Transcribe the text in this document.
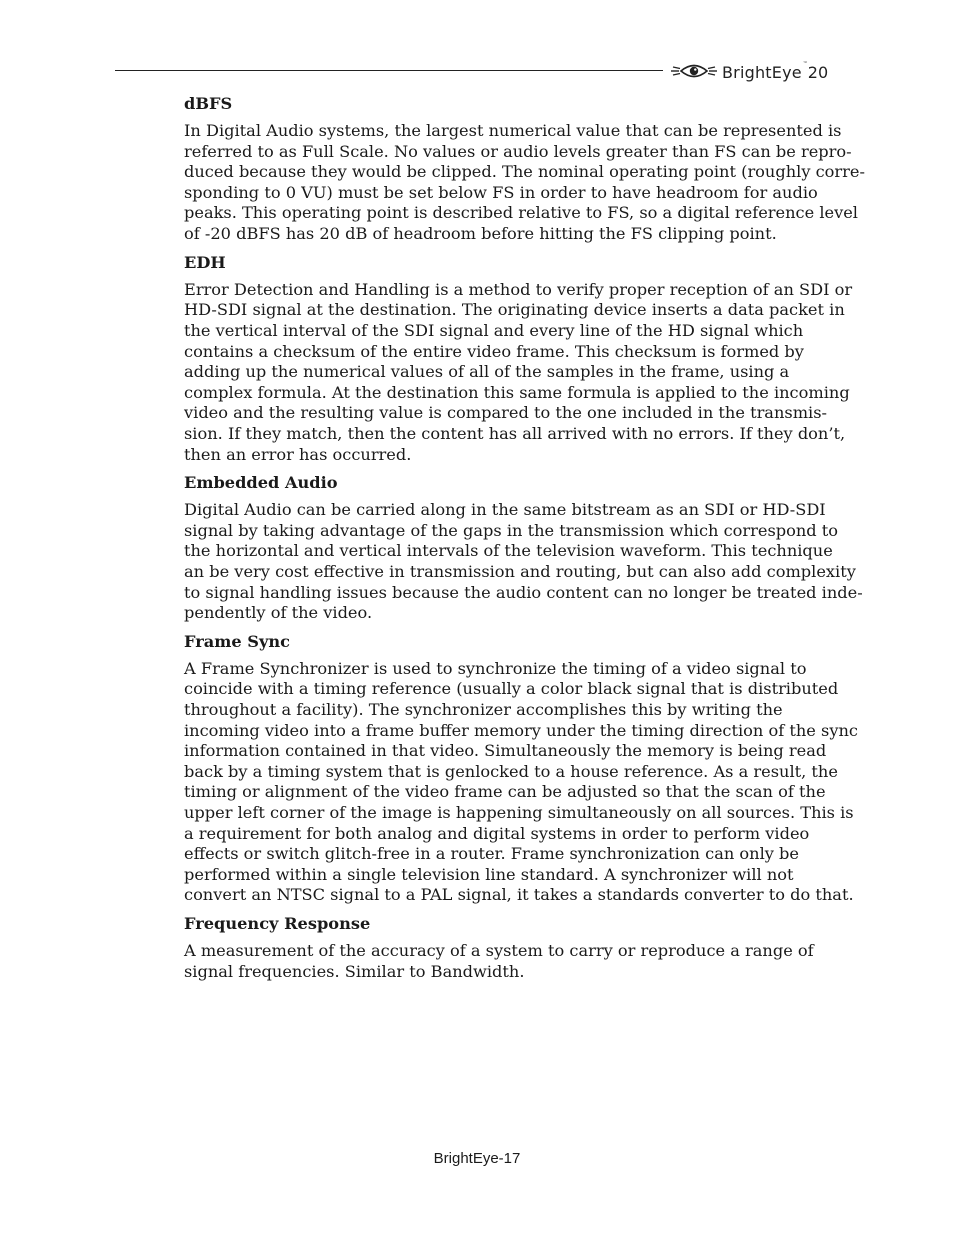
BrightEye ™ 20
dBFS
In Digital Audio systems, the largest numerical value that can be represented is
referred to as Full Scale. No values or audio levels greater than FS can be repro-
duced because they would be clipped. The nominal operating point (roughly corre-
sponding to 0 VU) must be set below FS in order to have headroom for audio
peaks. This operating point is described relative to FS, so a digital reference level
of -20 dBFS has 20 dB of headroom before hitting the FS clipping point.
EDH
Error Detection and Handling is a method to verify proper reception of an SDI or
HD-SDI signal at the destination. The originating device inserts a data packet in
the vertical interval of the SDI signal and every line of the HD signal which
contains a checksum of the entire video frame. This checksum is formed by
adding up the numerical values of all of the samples in the frame, using a
complex formula. At the destination this same formula is applied to the incoming
video and the resulting value is compared to the one included in the transmis-
sion. If they match, then the content has all arrived with no errors. If they don’t,
then an error has occurred.
Embedded Audio
Digital Audio can be carried along in the same bitstream as an SDI or HD-SDI
signal by taking advantage of the gaps in the transmission which correspond to
the horizontal and vertical intervals of the television waveform. This technique
an be very cost effective in transmission and routing, but can also add complexity
to signal handling issues because the audio content can no longer be treated inde-
pendently of the video.
Frame Sync
A Frame Synchronizer is used to synchronize the timing of a video signal to
coincide with a timing reference (usually a color black signal that is distributed
throughout a facility). The synchronizer accomplishes this by writing the
incoming video into a frame buffer memory under the timing direction of the sync
information contained in that video. Simultaneously the memory is being read
back by a timing system that is genlocked to a house reference. As a result, the
timing or alignment of the video frame can be adjusted so that the scan of the
upper left corner of the image is happening simultaneously on all sources. This is
a requirement for both analog and digital systems in order to perform video
effects or switch glitch-free in a router. Frame synchronization can only be
performed within a single television line standard. A synchronizer will not
convert an NTSC signal to a PAL signal, it takes a standards converter to do that.
Frequency Response
A measurement of the accuracy of a system to carry or reproduce a range of
signal frequencies. Similar to Bandwidth.
BrightEye-17
